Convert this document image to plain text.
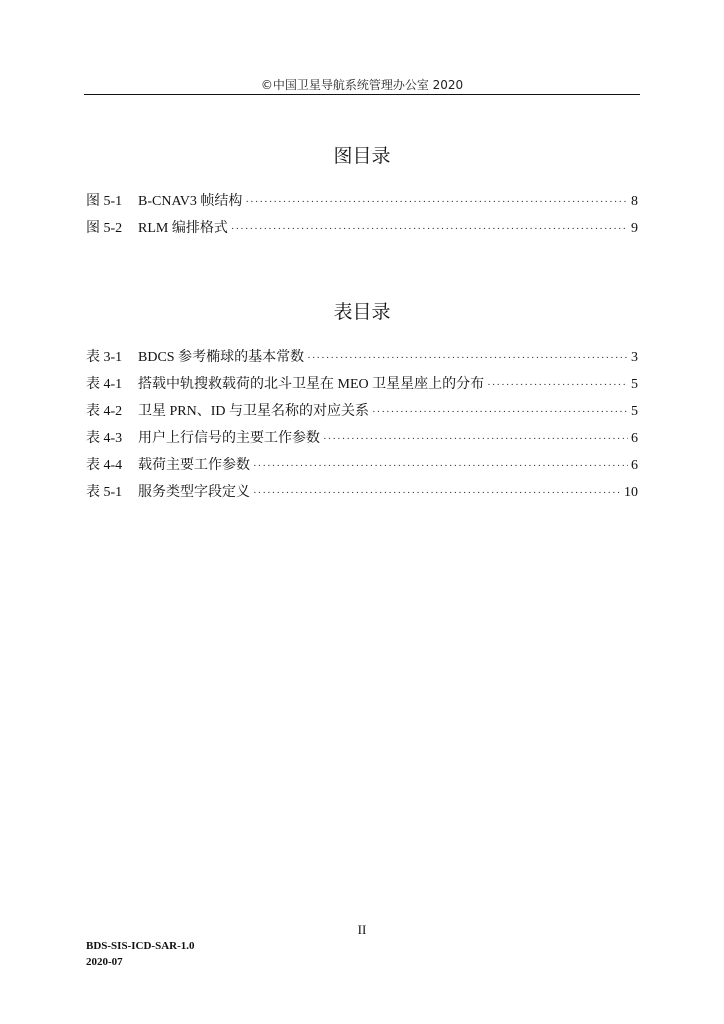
©中国卫星导航系统管理办公室 2020
图目录
图 5-1	B-CNAV3 帧结构 ·····	8
图 5-2	RLM 编排格式 ·····	9
表目录
表 3-1	BDCS 参考椭球的基本常数 ·····	3
表 4-1	搭载中轨搜救载荷的北斗卫星在 MEO 卫星星座上的分布 ·····	5
表 4-2	卫星 PRN、ID 与卫星名称的对应关系 ·····	5
表 4-3	用户上行信号的主要工作参数 ·····	6
表 4-4	载荷主要工作参数 ·····	6
表 5-1	服务类型字段定义 ·····	10
II
BDS-SIS-ICD-SAR-1.0
2020-07
